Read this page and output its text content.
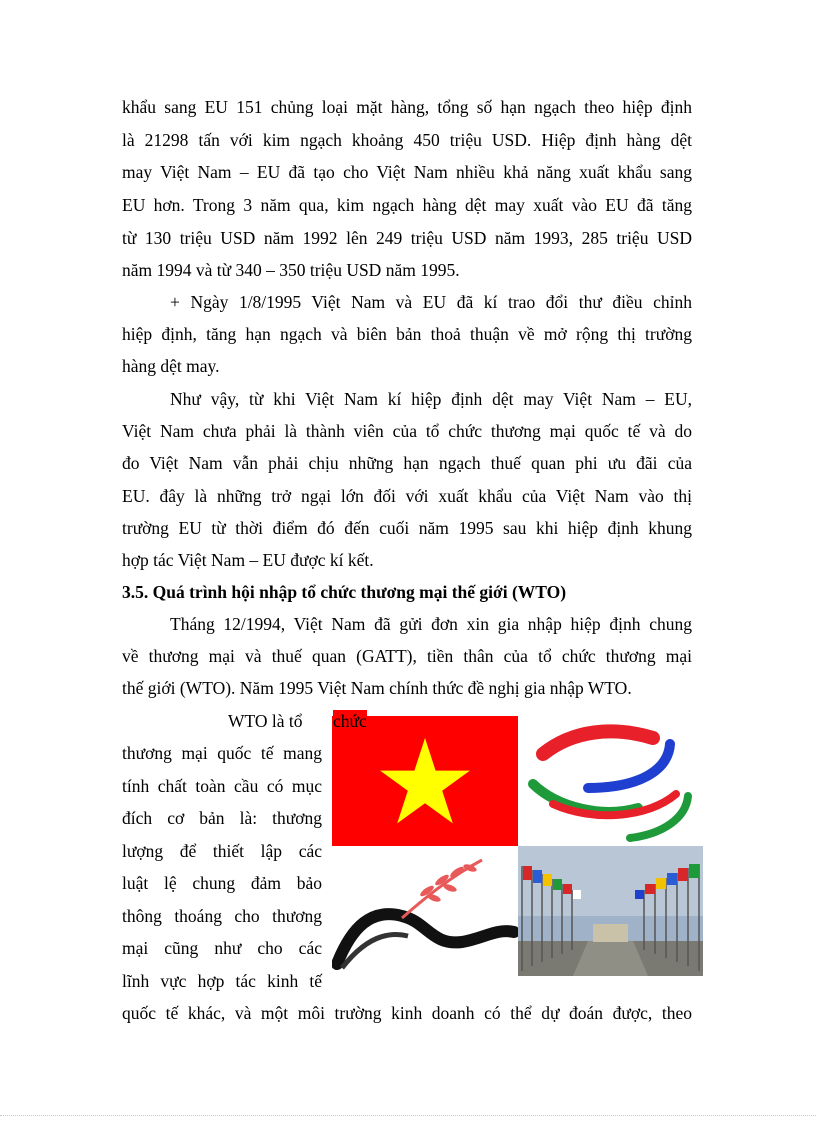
khẩu sang EU 151 chủng loại mặt hàng, tổng số hạn ngạch theo hiệp định
là 21298 tấn với kim ngạch khoảng 450 triệu USD. Hiệp định hàng dệt
may Việt Nam – EU đã tạo cho Việt Nam nhiều khả năng xuất khẩu sang
EU hơn. Trong 3 năm qua, kim ngạch hàng dệt may xuất vào EU đã tăng
từ 130 triệu USD năm 1992 lên 249 triệu USD năm 1993, 285 triệu USD
năm 1994 và từ 340 – 350 triệu USD năm 1995.
+ Ngày 1/8/1995 Việt Nam và EU đã kí trao đổi thư điều chỉnh
hiệp định, tăng hạn ngạch và biên bản thoả thuận về mở rộng thị trường
hàng dệt may.
Như vậy, từ khi Việt Nam kí hiệp định dệt may Việt Nam – EU,
Việt Nam chưa phải là thành viên của tổ chức thương mại quốc tế và do
đo Việt Nam vẫn phải chịu những hạn ngạch thuế quan phi ưu đãi của
EU. đây là những trở ngại lớn đối với xuất khẩu của Việt Nam vào thị
trường EU từ thời điểm đó đến cuối năm 1995 sau khi hiệp định khung
hợp tác Việt Nam – EU được kí kết.
3.5. Quá trình hội nhập tổ chức thương mại thế giới (WTO)
Tháng 12/1994, Việt Nam đã gửi đơn xin gia nhập hiệp định chung
về thương mại và thuế quan (GATT), tiền thân của tổ chức thương mại
thế giới (WTO). Năm 1995 Việt Nam chính thức đề nghị gia nhập WTO.
WTO là tổ chức
thương mại quốc tế mang
tính chất toàn cầu có mục
đích cơ bản là: thương
lượng để thiết lập các
luật lệ chung đảm bảo
thông thoáng cho thương
mại cũng như cho các
lĩnh vực hợp tác kinh tế
quốc tế khác, và một môi trường kinh doanh có thể dự đoán được, theo
